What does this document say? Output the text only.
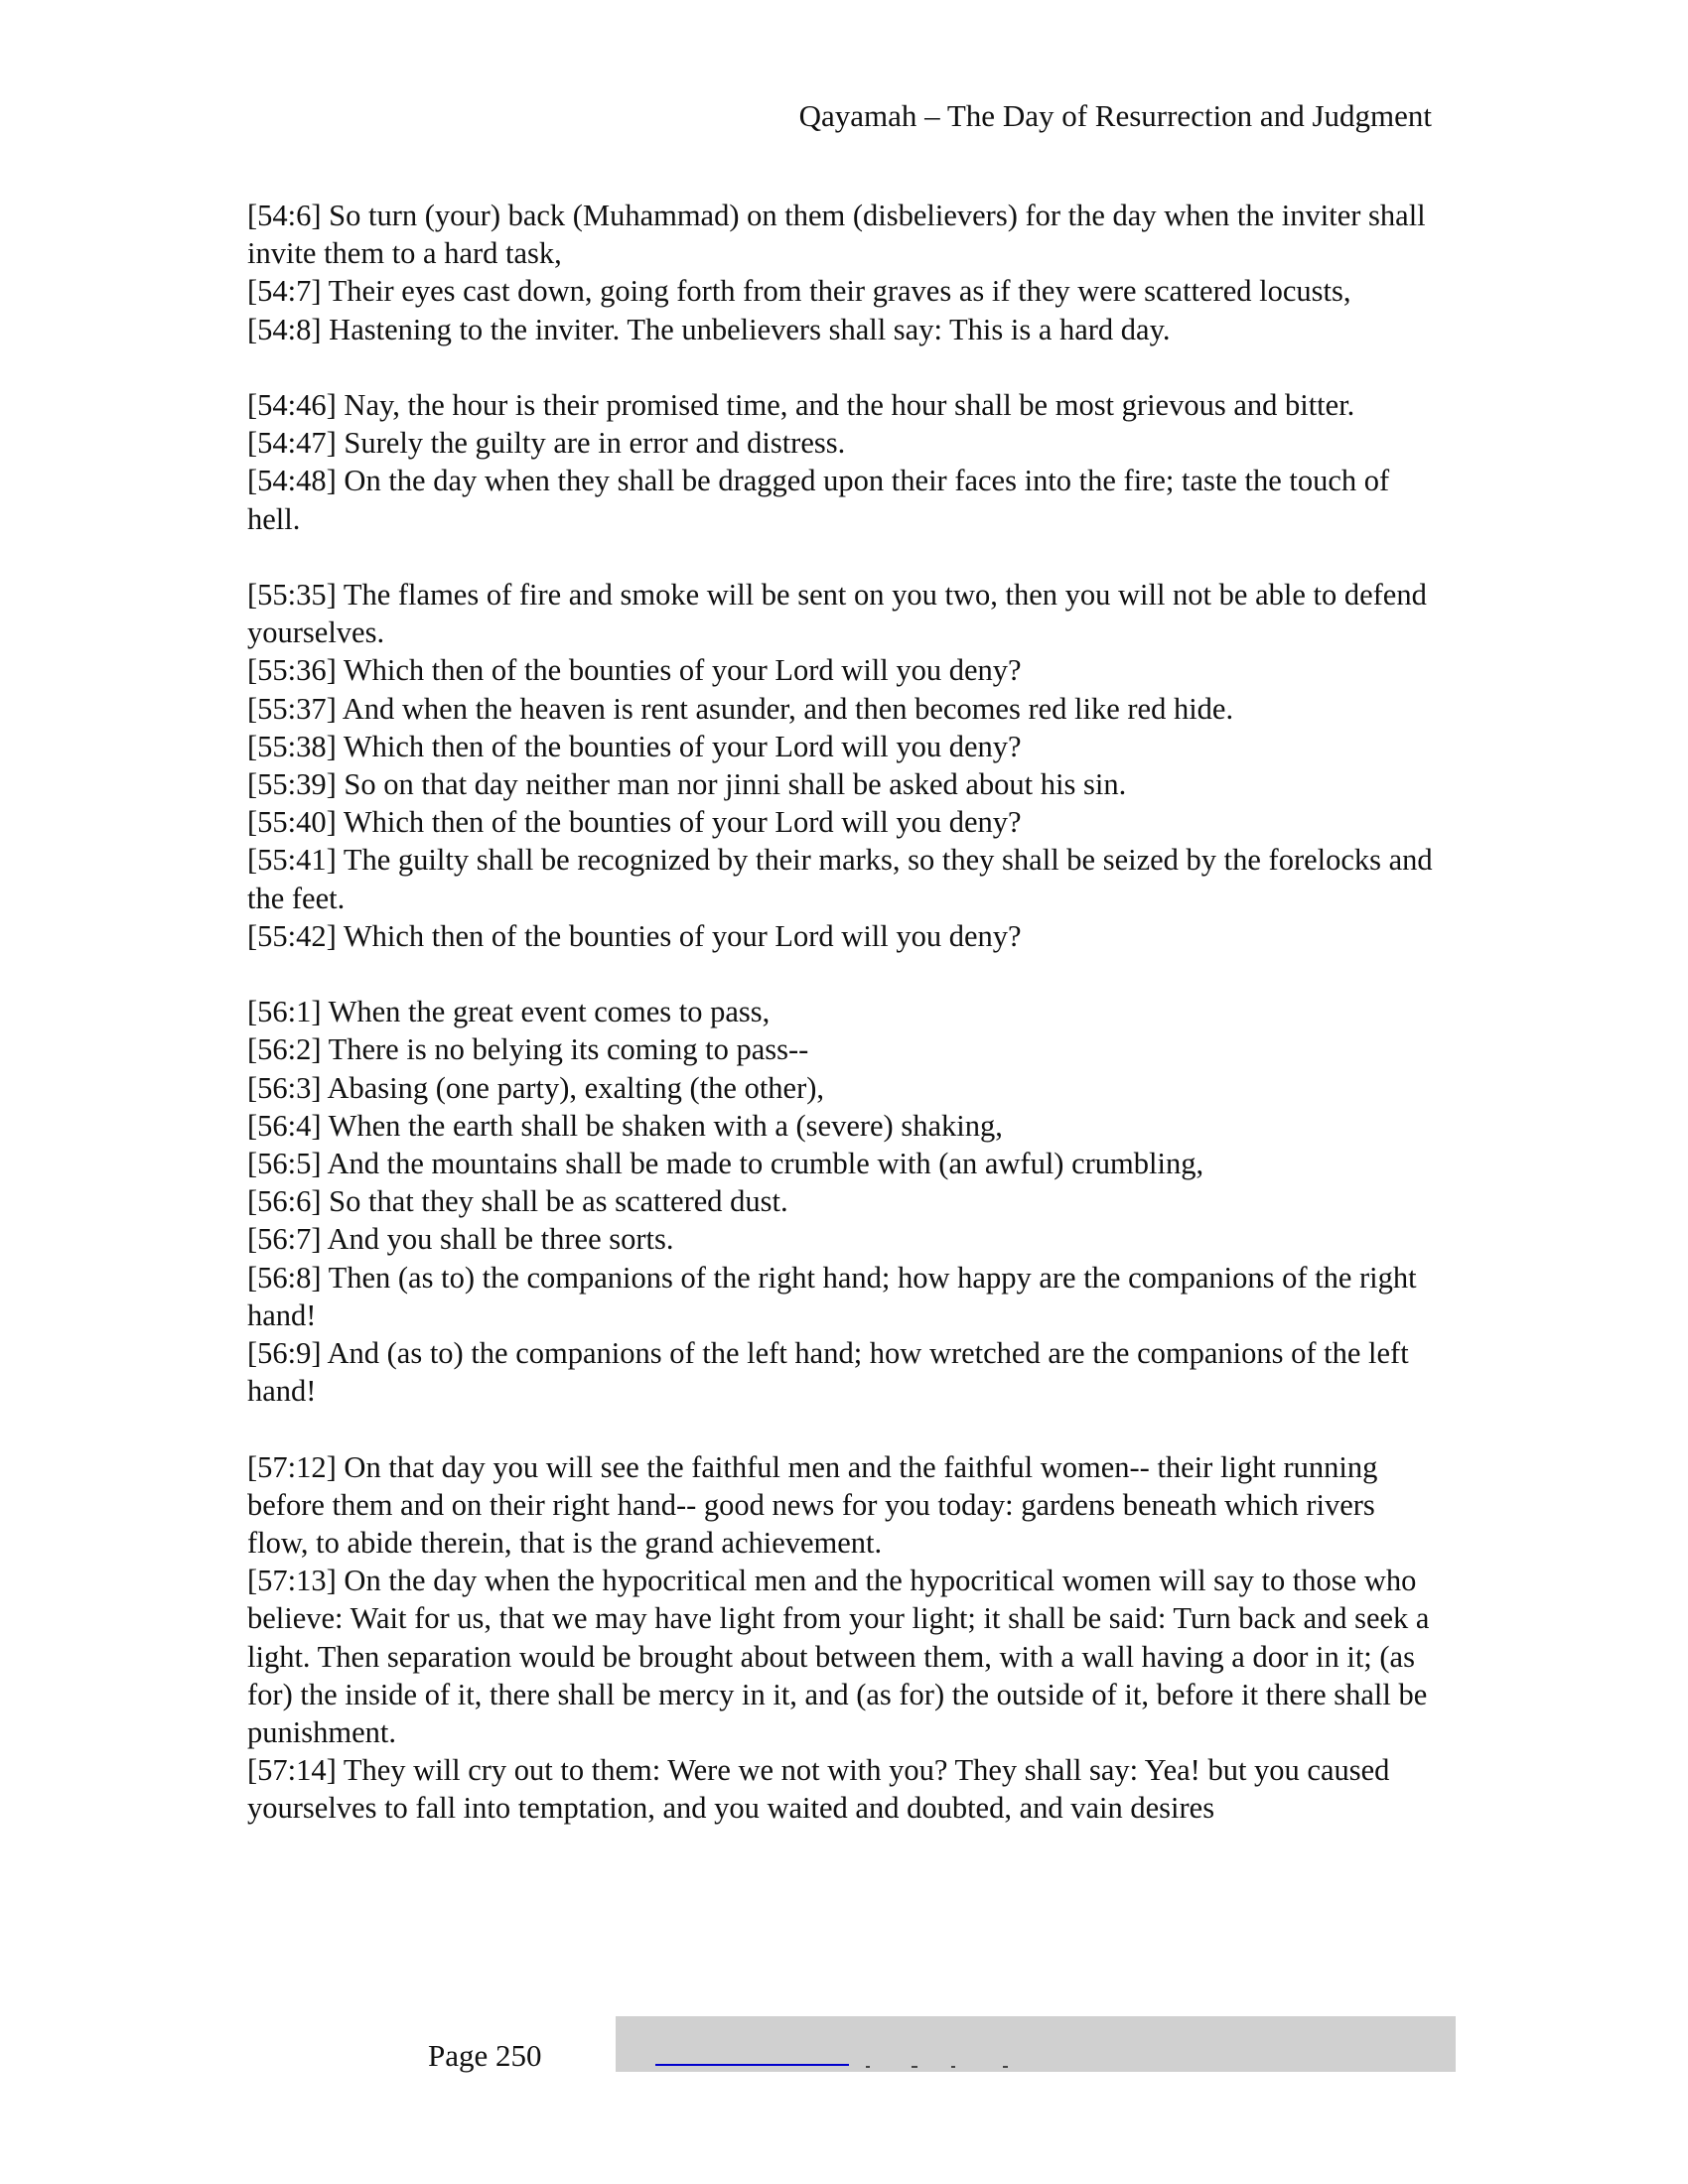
Qayamah – The Day of Resurrection and Judgment

[54:6] So turn (your) back (Muhammad) on them (disbelievers) for the day when the inviter shall invite them to a hard task,

[54:7] Their eyes cast down, going forth from their graves as if they were scattered locusts,

[54:8] Hastening to the inviter. The unbelievers shall say: This is a hard day.

[54:46] Nay, the hour is their promised time, and the hour shall be most grievous and bitter.

[54:47] Surely the guilty are in error and distress.

[54:48] On the day when they shall be dragged upon their faces into the fire; taste the touch of hell.

[55:35] The flames of fire and smoke will be sent on you two, then you will not be able to defend yourselves.

[55:36] Which then of the bounties of your Lord will you deny?

[55:37] And when the heaven is rent asunder, and then becomes red like red hide.

[55:38] Which then of the bounties of your Lord will you deny?

[55:39] So on that day neither man nor jinni shall be asked about his sin.

[55:40] Which then of the bounties of your Lord will you deny?

[55:41] The guilty shall be recognized by their marks, so they shall be seized by the forelocks and the feet.

[55:42] Which then of the bounties of your Lord will you deny?

[56:1] When the great event comes to pass,

[56:2] There is no belying its coming to pass--

[56:3] Abasing (one party), exalting (the other),

[56:4] When the earth shall be shaken with a (severe) shaking,

[56:5] And the mountains shall be made to crumble with (an awful) crumbling,

[56:6] So that they shall be as scattered dust.

[56:7] And you shall be three sorts.

[56:8] Then (as to) the companions of the right hand; how happy are the companions of the right hand!

[56:9] And (as to) the companions of the left hand; how wretched are the companions of the left hand!

[57:12] On that day you will see the faithful men and the faithful women-- their light running before them and on their right hand-- good news for you today: gardens beneath which rivers flow, to abide therein, that is the grand achievement.

[57:13] On the day when the hypocritical men and the hypocritical women will say to those who believe: Wait for us, that we may have light from your light; it shall be said: Turn back and seek a light. Then separation would be brought about between them, with a wall having a door in it; (as for) the inside of it, there shall be mercy in it, and (as for) the outside of it, before it there shall be punishment.

[57:14] They will cry out to them: Were we not with you? They shall say: Yea! but you caused yourselves to fall into temptation, and you waited and doubted, and vain desires

Page 250
